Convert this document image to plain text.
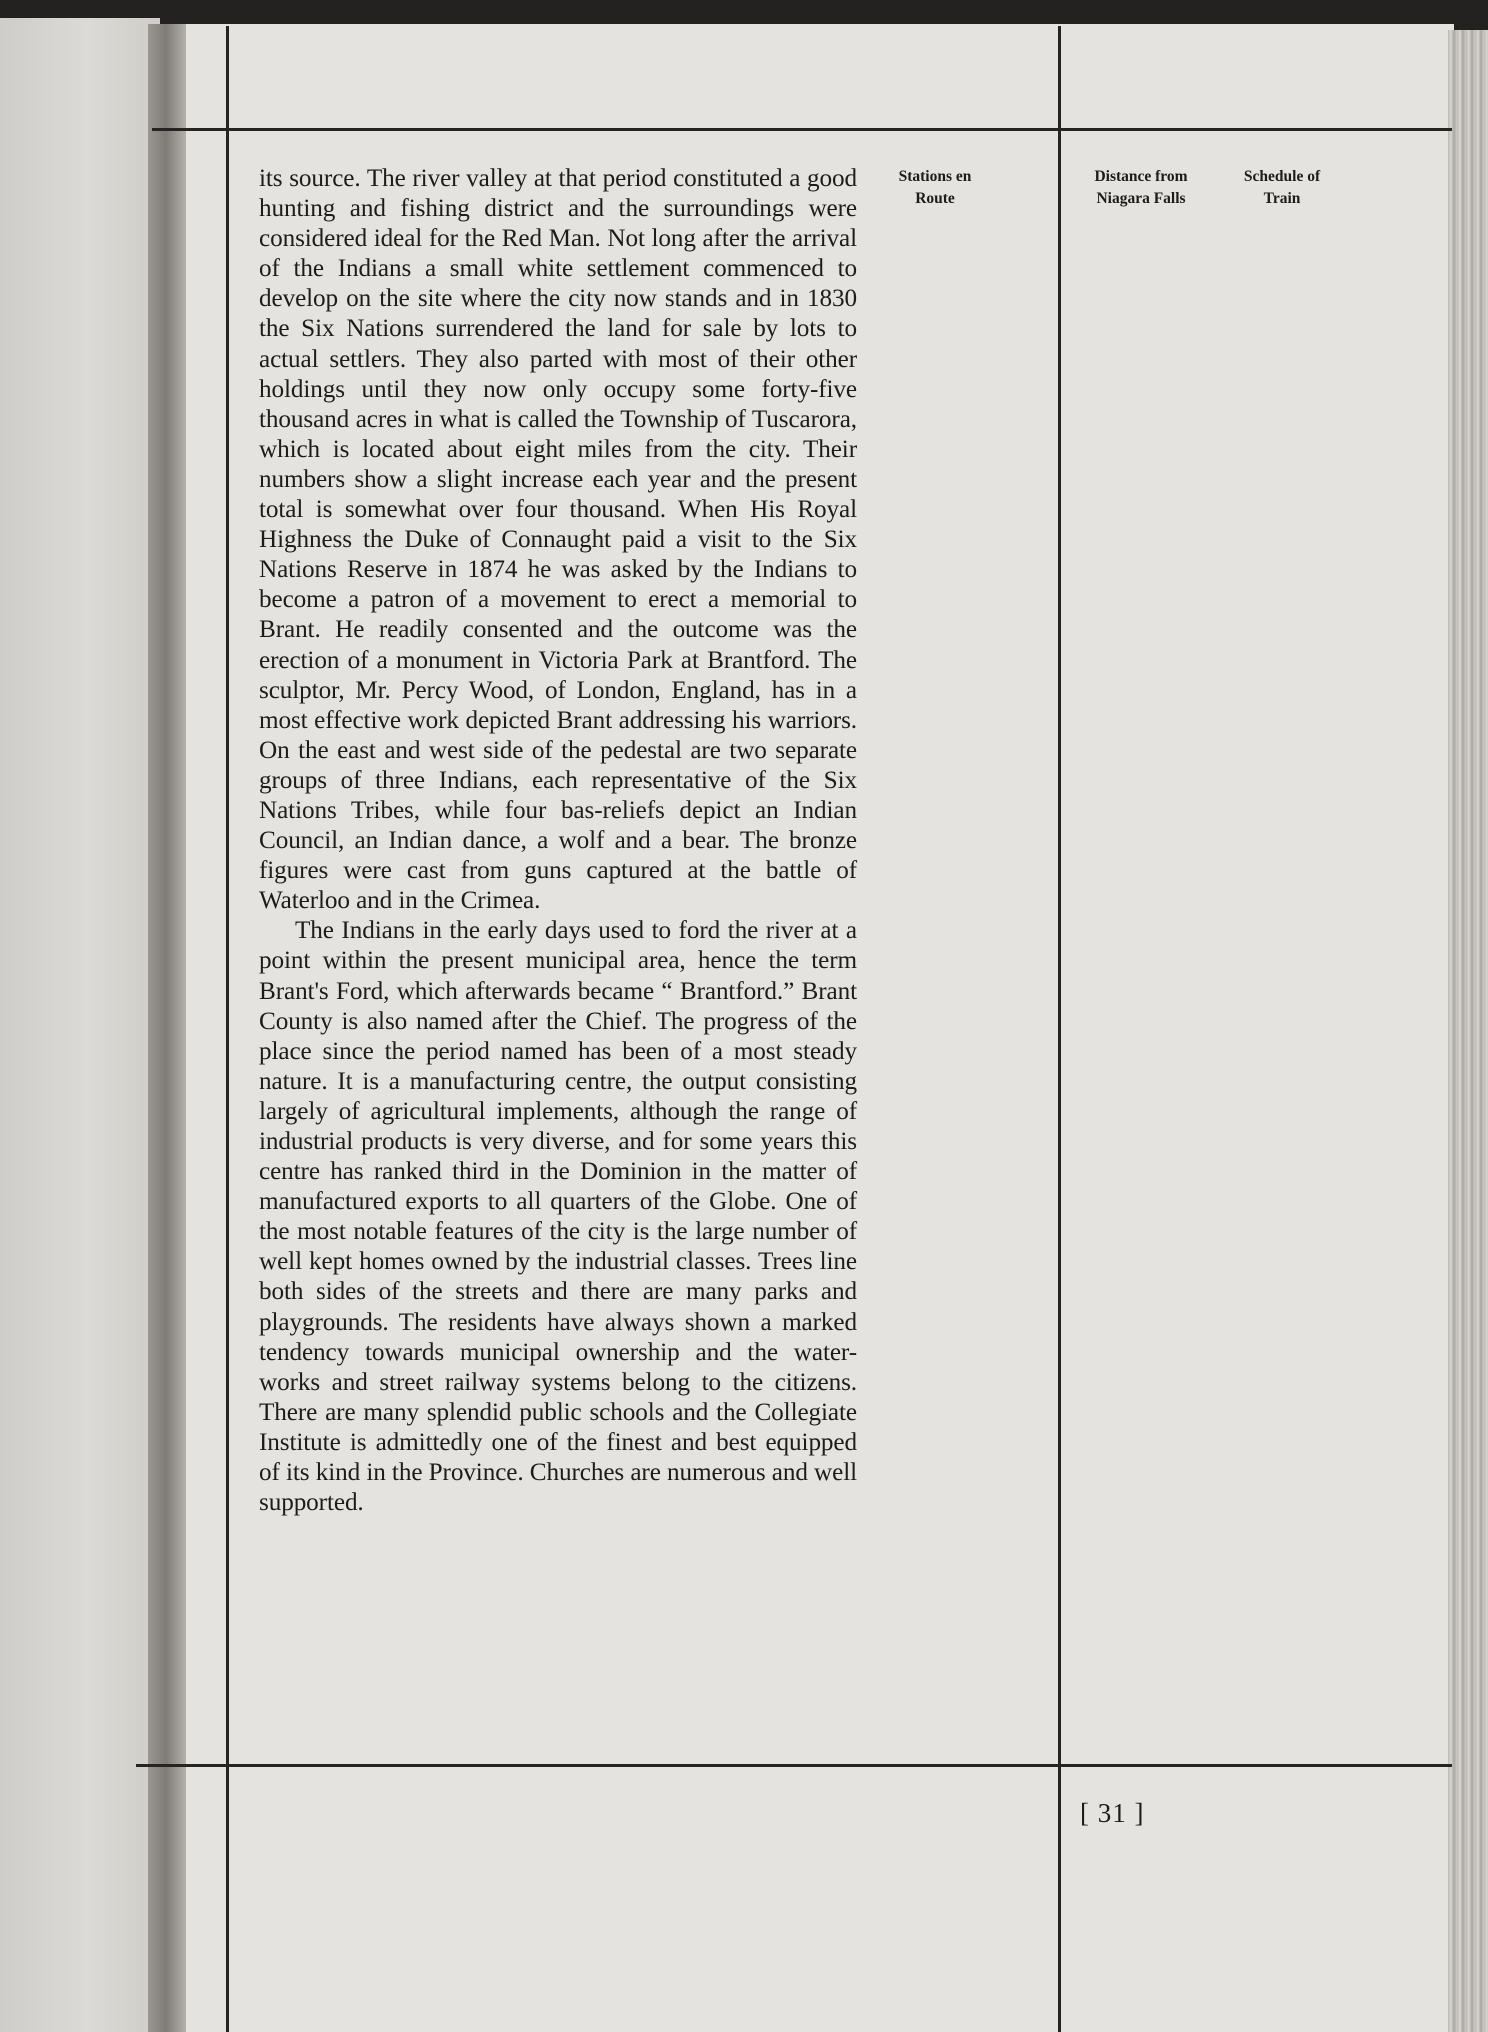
its source. The river valley at that period constituted a good hunting and fishing district and the surroundings were considered ideal for the Red Man. Not long after the arrival of the Indians a small white settlement commenced to develop on the site where the city now stands and in 1830 the Six Nations surrendered the land for sale by lots to actual settlers. They also parted with most of their other holdings until they now only occupy some forty-five thousand acres in what is called the Township of Tuscarora, which is located about eight miles from the city. Their numbers show a slight increase each year and the present total is somewhat over four thousand. When His Royal Highness the Duke of Connaught paid a visit to the Six Nations Reserve in 1874 he was asked by the Indians to become a patron of a movement to erect a memorial to Brant. He readily consented and the outcome was the erection of a monument in Victoria Park at Brantford. The sculptor, Mr. Percy Wood, of London, England, has in a most effective work depicted Brant addressing his warriors. On the east and west side of the pedestal are two separate groups of three Indians, each representative of the Six Nations Tribes, while four bas-reliefs depict an Indian Council, an Indian dance, a wolf and a bear. The bronze figures were cast from guns captured at the battle of Waterloo and in the Crimea.

The Indians in the early days used to ford the river at a point within the present municipal area, hence the term Brant's Ford, which afterwards became “ Brantford.” Brant County is also named after the Chief. The progress of the place since the period named has been of a most steady nature. It is a manufacturing centre, the output consisting largely of agricultural implements, although the range of industrial products is very diverse, and for some years this centre has ranked third in the Dominion in the matter of manufactured exports to all quarters of the Globe. One of the most notable features of the city is the large number of well kept homes owned by the industrial classes. Trees line both sides of the streets and there are many parks and playgrounds. The residents have always shown a marked tendency towards municipal ownership and the water-works and street railway systems belong to the citizens. There are many splendid public schools and the Collegiate Institute is admittedly one of the finest and best equipped of its kind in the Province. Churches are numerous and well supported.

Stations en
Route
Distance from
Niagara Falls
Schedule of
Train
[ 31 ]
